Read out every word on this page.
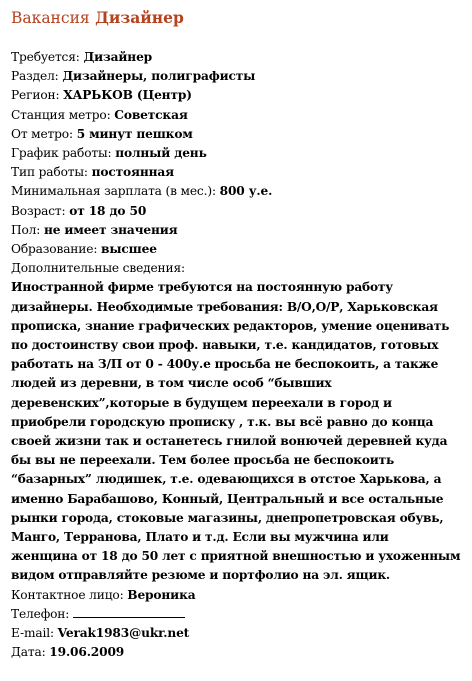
Вакансия Дизайнер
Требуется: Дизайнер
Раздел: Дизайнеры, полиграфисты
Регион: ХАРЬКОВ (Центр)
Станция метро: Советская
От метро: 5 минут пешком
График работы: полный день
Тип работы: постоянная
Минимальная зарплата (в мес.): 800 у.е.
Возраст: от 18 до 50
Пол: не имеет значения
Образование: высшее
Дополнительные сведения:
Иностранной фирме требуются на постоянную работу
дизайнеры. Необходимые требования: В/О,О/Р, Харьковская
прописка, знание графических редакторов, умение оценивать
по достоинству свои проф. навыки, т.е. кандидатов, готовых
работать на З/П от 0 - 400у.е просьба не беспокоить, а также
людей из деревни, в том числе особ “бывших
деревенских”,которые в будущем переехали в город и
приобрели городскую прописку , т.к. вы всё равно до конца
своей жизни так и останетесь гнилой вонючей деревней куда
бы вы не переехали. Тем более просьба не беспокоить
“базарных” людишек, т.е. одевающихся в отстое Харькова, а
именно Барабашово, Конный, Центральный и все остальные
рынки города, стоковые магазины, днепропетровская обувь,
Манго, Терранова, Плато и т.д. Если вы мужчина или
женщина от 18 до 50 лет с приятной внешностью и ухоженным
видом отправляйте резюме и портфолио на эл. ящик.
Контактное лицо: Вероника
Телефон:
E-mail: Verak1983@ukr.net
Дата: 19.06.2009
